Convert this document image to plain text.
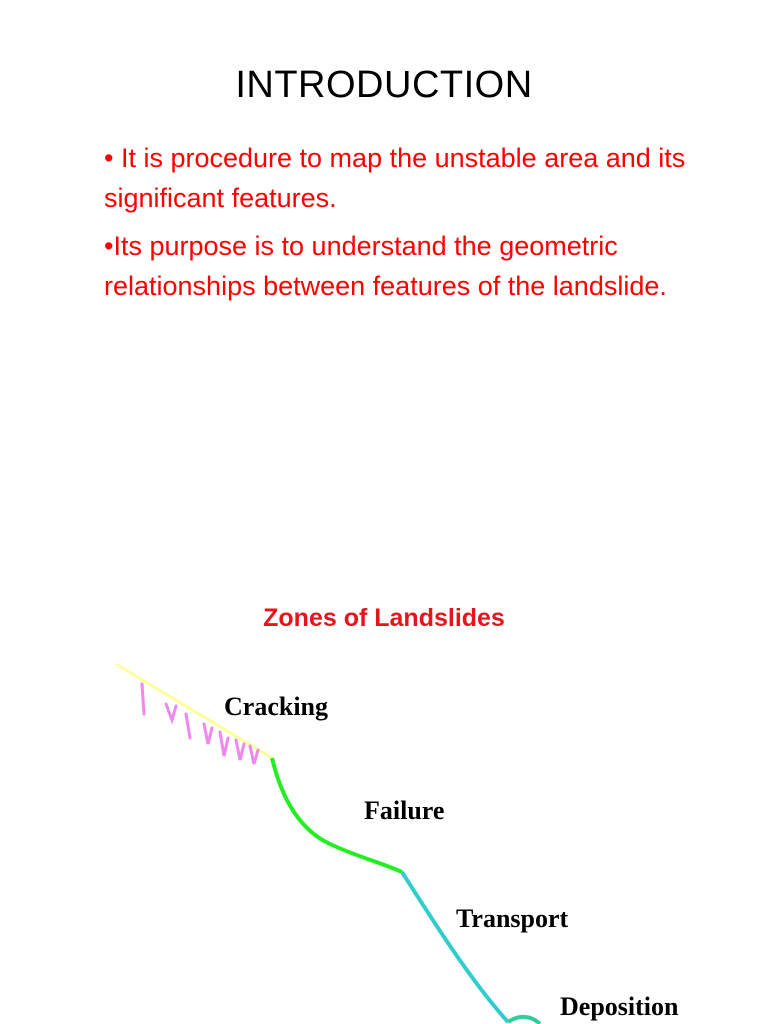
INTRODUCTION

• It is procedure to map the unstable area and its significant features.

•Its purpose is to understand the geometric relationships between features of the landslide.

Zones of Landslides
Cracking
Failure
Transport
Deposition
